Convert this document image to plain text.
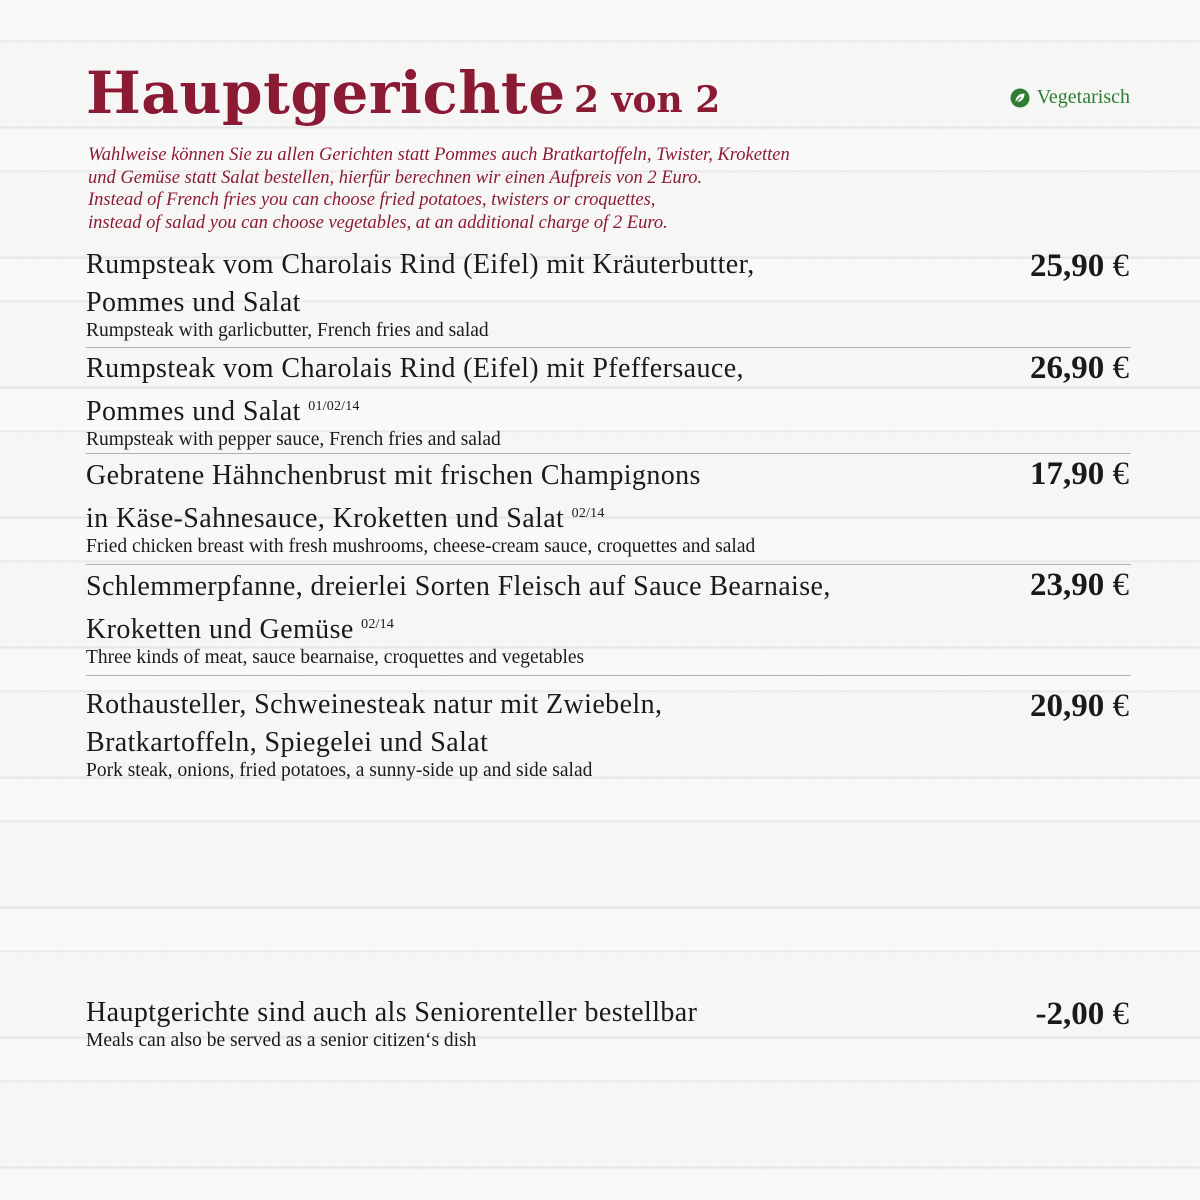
Hauptgerichte 2 von 2	Vegetarisch
Wahlweise können Sie zu allen Gerichten statt Pommes auch Bratkartoffeln, Twister, Kroketten
und Gemüse statt Salat bestellen, hierfür berechnen wir einen Aufpreis von 2 Euro.
Instead of French fries you can choose fried potatoes, twisters or croquettes,
instead of salad you can choose vegetables, at an additional charge of 2 Euro.
Rumpsteak vom Charolais Rind (Eifel) mit Kräuterbutter,
Pommes und Salat
Rumpsteak with garlicbutter, French fries and salad
25,90 €
Rumpsteak vom Charolais Rind (Eifel) mit Pfeffersauce,
Pommes und Salat $^{01/02/14}$
Rumpsteak with pepper sauce, French fries and salad
26,90 €
Gebratene Hähnchenbrust mit frischen Champignons
in Käse-Sahnesauce, Kroketten und Salat $^{02/14}$
Fried chicken breast with fresh mushrooms, cheese-cream sauce, croquettes and salad
17,90 €
Schlemmerpfanne, dreierlei Sorten Fleisch auf Sauce Bearnaise,
Kroketten und Gemüse $^{02/14}$
Three kinds of meat, sauce bearnaise, croquettes and vegetables
23,90 €
Rothausteller, Schweinesteak natur mit Zwiebeln,
Bratkartoffeln, Spiegelei und Salat
Pork steak, onions, fried potatoes, a sunny-side up and side salad
20,90 €
Hauptgerichte sind auch als Seniorenteller bestellbar
Meals can also be served as a senior citizen‘s dish
-2,00 €
